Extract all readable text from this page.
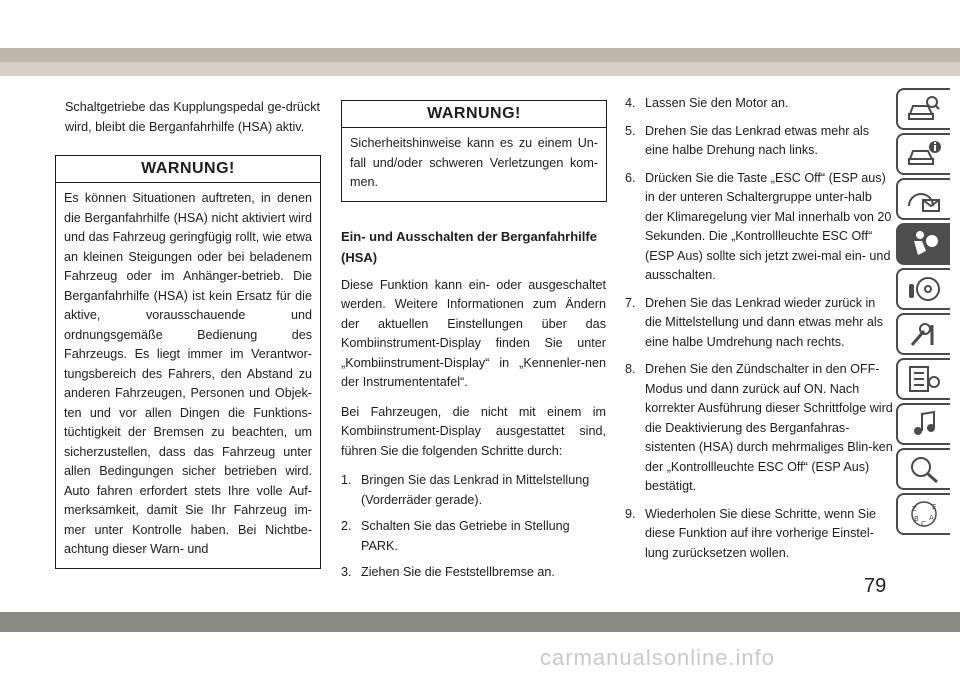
Schaltgetriebe das Kupplungspedal ge-drückt wird, bleibt die Berganfahrhilfe (HSA) aktiv.

WARNUNG!
Es können Situationen auftreten, in denen die Berganfahrhilfe (HSA) nicht aktiviert wird und das Fahrzeug geringfügig rollt, wie etwa an kleinen Steigungen oder bei beladenem Fahrzeug oder im Anhänger-betrieb. Die Berganfahrhilfe (HSA) ist kein Ersatz für die aktive, vorausschauende und ordnungsgemäße Bedienung des Fahrzeugs. Es liegt immer im Verantwor-tungsbereich des Fahrers, den Abstand zu anderen Fahrzeugen, Personen und Objek-ten und vor allen Dingen die Funktions-tüchtigkeit der Bremsen zu beachten, um sicherzustellen, dass das Fahrzeug unter allen Bedingungen sicher betrieben wird. Auto fahren erfordert stets Ihre volle Auf-merksamkeit, damit Sie Ihr Fahrzeug im-mer unter Kontrolle haben. Bei Nichtbe-achtung dieser Warn- und
WARNUNG!
Sicherheitshinweise kann es zu einem Un-fall und/oder schweren Verletzungen kom-men.
Ein- und Ausschalten der Berganfahrhilfe (HSA)

Diese Funktion kann ein- oder ausgeschaltet werden. Weitere Informationen zum Ändern der aktuellen Einstellungen über das Kombiinstrument-Display finden Sie unter „Kombiinstrument-Display“ in „Kennenler-nen der Instrumententafel“.

Bei Fahrzeugen, die nicht mit einem im Kombiinstrument-Display ausgestattet sind, führen Sie die folgenden Schritte durch:

1. Bringen Sie das Lenkrad in Mittelstellung (Vorderräder gerade).
2. Schalten Sie das Getriebe in Stellung PARK.
3. Ziehen Sie die Feststellbremse an.
4. Lassen Sie den Motor an.
5. Drehen Sie das Lenkrad etwas mehr als eine halbe Drehung nach links.
6. Drücken Sie die Taste „ESC Off“ (ESP aus) in der unteren Schaltergruppe unter-halb der Klimaregelung vier Mal innerhalb von 20 Sekunden. Die „Kontrollleuchte ESC Off“ (ESP Aus) sollte sich jetzt zwei-mal ein- und ausschalten.
7. Drehen Sie das Lenkrad wieder zurück in die Mittelstellung und dann etwas mehr als eine halbe Umdrehung nach rechts.
8. Drehen Sie den Zündschalter in den OFF-Modus und dann zurück auf ON. Nach korrekter Ausführung dieser Schrittfolge wird die Deaktivierung des Berganfahras-sistenten (HSA) durch mehrmaliges Blin-ken der „Kontrollleuchte ESC Off“ (ESP Aus) bestätigt.
9. Wiederholen Sie diese Schritte, wenn Sie diese Funktion auf ihre vorherige Einstel-lung zurücksetzen wollen.
Z E
B A
C
79
carmanualsonline.info
